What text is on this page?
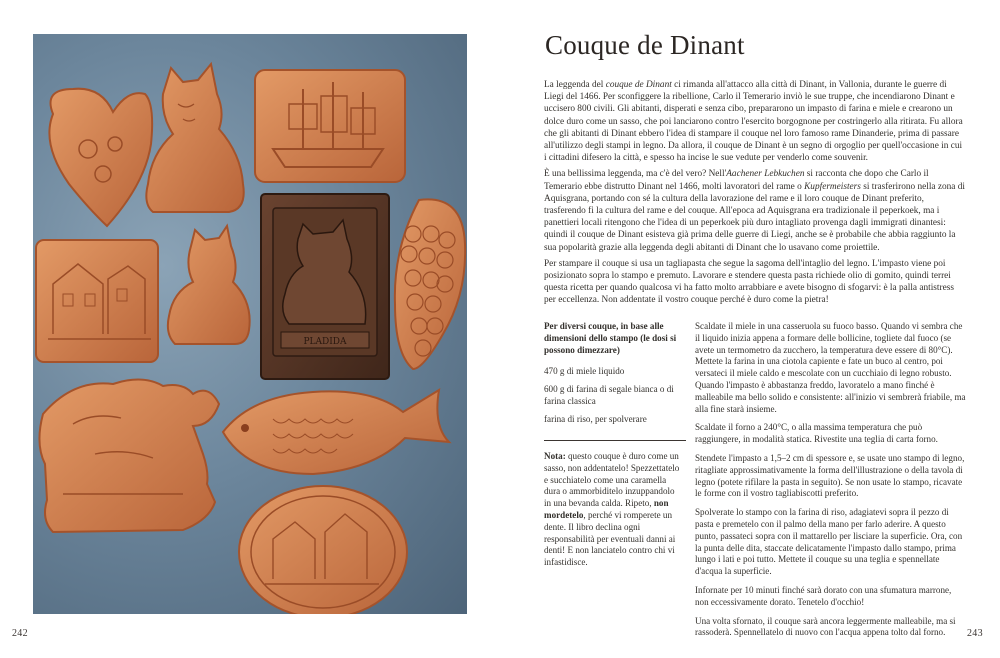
PLADIDA
242
Couque de Dinant

La leggenda del couque de Dinant ci rimanda all'attacco alla città di Dinant, in Vallonia, durante le guerre di Liegi del 1466. Per sconfiggere la ribellione, Carlo il Temerario inviò le sue truppe, che incendiarono Dinant e uccisero 800 civili. Gli abitanti, disperati e senza cibo, prepararono un impasto di farina e miele e crearono un dolce duro come un sasso, che poi lanciarono contro l'esercito borgognone per costringerlo alla ritirata. Fu allora che gli abitanti di Dinant ebbero l'idea di stampare il couque nel loro famoso rame Dinanderie, prima di passare all'utilizzo degli stampi in legno. Da allora, il couque de Dinant è un segno di orgoglio per quell'occasione in cui i cittadini difesero la città, e spesso ha incise le sue vedute per venderlo come souvenir.

È una bellissima leggenda, ma c'è del vero? Nell'Aachener Lebkuchen si racconta che dopo che Carlo il Temerario ebbe distrutto Dinant nel 1466, molti lavoratori del rame o Kupfermeisters si trasferirono nella zona di Aquisgrana, portando con sé la cultura della lavorazione del rame e il loro couque de Dinant preferito, trasferendo fi la cultura del rame e del couque. All'epoca ad Aquisgrana era tradizionale il peperkoek, ma i panettieri locali ritengono che l'idea di un peperkoek più duro intagliato provenga dagli immigrati dinantesi: quindi il couque de Dinant esisteva già prima delle guerre di Liegi, anche se è probabile che abbia raggiunto la sua popolarità grazie alla leggenda degli abitanti di Dinant che lo usavano come proiettile.

Per stampare il couque si usa un tagliapasta che segue la sagoma dell'intaglio del legno. L'impasto viene poi posizionato sopra lo stampo e premuto. Lavorare e stendere questa pasta richiede olio di gomito, quindi terrei questa ricetta per quando qualcosa vi ha fatto molto arrabbiare e avete bisogno di sfogarvi: è la palla antistress per eccellenza. Non addentate il vostro couque perché è duro come la pietra!

Per diversi couque, in base alle dimensioni dello stampo (le dosi si possono dimezzare)
470 g di miele liquido
600 g di farina di segale bianca o di farina classica
farina di riso, per spolverare
Nota: questo couque è duro come un sasso, non addentatelo! Spezzettatelo e succhiatelo come una caramella dura o ammorbiditelo inzuppandolo in una bevanda calda. Ripeto, non mordetelo, perché vi romperete un dente. Il libro declina ogni responsabilità per eventuali danni ai denti! E non lanciatelo contro chi vi infastidisce.

Scaldate il miele in una casseruola su fuoco basso. Quando vi sembra che il liquido inizia appena a formare delle bollicine, togliete dal fuoco (se avete un termometro da zucchero, la temperatura deve essere di 80°C). Mettete la farina in una ciotola capiente e fate un buco al centro, poi versateci il miele caldo e mescolate con un cucchiaio di legno robusto. Quando l'impasto è abbastanza freddo, lavoratelo a mano finché è malleabile ma bello solido e consistente: all'inizio vi sembrerà friabile, ma alla fine starà insieme.

Scaldate il forno a 240°C, o alla massima temperatura che può raggiungere, in modalità statica. Rivestite una teglia di carta forno.

Stendete l'impasto a 1,5–2 cm di spessore e, se usate uno stampo di legno, ritagliate approssimativamente la forma dell'illustrazione o della tavola di legno (potete rifilare la pasta in seguito). Se non usate lo stampo, ricavate le forme con il vostro tagliabiscotti preferito.

Spolverate lo stampo con la farina di riso, adagiatevi sopra il pezzo di pasta e premetelo con il palmo della mano per farlo aderire. A questo punto, passateci sopra con il mattarello per lisciare la superficie. Ora, con la punta delle dita, staccate delicatamente l'impasto dallo stampo, prima lungo i lati e poi tutto. Mettete il couque su una teglia e spennellate d'acqua la superficie.

Infornate per 10 minuti finché sarà dorato con una sfumatura marrone, non eccessivamente dorato. Tenetelo d'occhio!

Una volta sfornato, il couque sarà ancora leggermente malleabile, ma si rassoderà. Spennellatelo di nuovo con l'acqua appena tolto dal forno.	243
